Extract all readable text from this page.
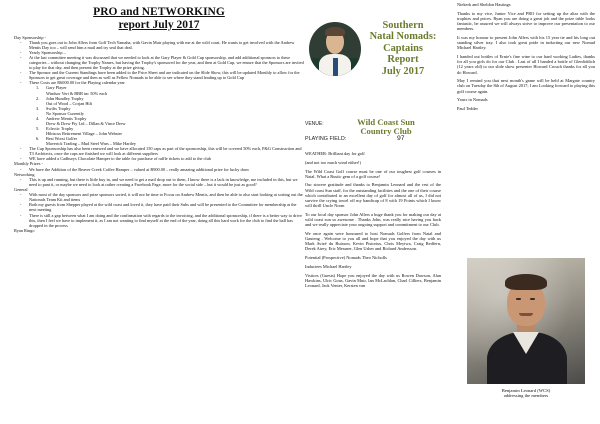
PRO and NETWORKING
report July 2017
Day Sponsorship -
- Thank you goes out to John Allers from Golf Tech Yamaha, with Gavin Muir playing with me at the wild coast. He wants to get involved with the Andrew Mentis Day too – will send him a mail and try seal that deal.
- Yearly Sponsorship –
- At the last committee meeting it was discussed that we needed to look at the Gary Player & Gold Cup sponsorship, and add additional sponsors to these categories – without changing the Trophy Names, but having the Trophy's sponsored for the year, and then at Gold Cup, we ensure that the Sponsors are invited to play for that day, and then present the Trophy at the prize giving.
- The Sponsor and the Current Standings have been added to the Price Sheet and are indicated on the Slide Show, this will be updated Monthly to allow for the Sponsors to get great coverage and then as well as Fellow Nomads to be able to see where they stand leading up to Gold Cup
- These Costs are R6000.00 for the Playing calendar year
1. Gary Player
Windsor Vert & BBB inc 50% each
2. John Hundley Trophy
Out of Wood – Corjan Hilt
3. Swifts Trophy
No Sponsor Currently
4. Andrew Mentis Trophy
Drew & Drew Pty Ltd – Dillan & Vince Drew
5. Eclectic Trophy
Hibiscus Retirement Village – John Webster
6. Best Worst Golfer
Maverick Trading – Mud Steel Wars – Mike Hartley
- The Cup Sponsorship has also been renewed and we have allocated 150 caps as part of the sponsorship, this will be covered 50% each, P&G Construction and T3 Architects, once the caps are finished we will look at different suppliers
- WE have added a Cadburys Chocolate Hamper to the table for purchase of raffle tickets to add to the club
Monthly Prizes -
- We have the Addition of the Beaver Creek Coffee Hamper – valued at R900.00 – really amazing additional prize for lucky draw
Networking
- This is up and running, but there is little buy in, and we need to get a mail drop out to them, I know there is a lack in knowledge, me included in this, but we need to pant it, or maybe we need to look at rather creating a Facebook Page, more for the social side – but it would be just as good?
General
- With most of the day sponsors and prize sponsors sorted, it will not be time to Focus on Andrew Mentis, and then be able to also start looking at sorting out the Nationals Team Kit and items
- Both my guests from Shepper played at the wild coast and loved it, they have paid their Subs and will be presented to the Committee for membership at the next meeting
- There is still a gap between what I am doing and the confirmation with regards to the invoicing, and the additional sponsorship, if there is a better way to drive this, then I feel we have to implement it, as I am not wanting to find myself at the end of the year, doing all this hard work for the club to find the ball has dropped in the process
Ryan Ringo
Southern
Natal Nomads:
Captains
Report
July 2017
VENUE:	Wild Coast Sun
Country Club
PLAYING FIELD:	97

WEATHER: Brilliant day for golf

(and not too much wind either!)

The Wild Coast Golf course must be one of our toughest golf courses in Natal. What a Rustic gem of a golf course!

Our sincere gratitude and thanks to Benjamin Leonard and the rest of the Wild coast Sun staff, for the outstanding facilities and the one of their course which contributed to an excellent day of golf for almost all of us, I did not survive the crying towel off my handicap of 8 with 19 Points which I know will thrill Uncle Norm

To our local day sponsor John Allers a huge thank you for making our day at wild coast sun so awesome . Thanks John, was really nice having you back and we really appreciate your ongoing support and commitment to our Club.

We once again were honoured to host Nomads Golfers from Natal and Gauteng . Welcome to you all and hope that you enjoyed the day with us Mark Avizé du Buisson, Kevin Pistorius, Chris Meyiwa, Craig Redfern, Derek Airey, Eric Messner, Glen Usher and Richard Andersson.

Potential (Prospective) Nomads Theo Nicholls

Inductees Michael Hartley

Visitors (Guests) Hope you enjoyed the day with us Rowen Dawson, Alan Hawkins, Ulric Gous, Gavin Muir, Ian McLachlan, Charl Cilliers, Benjamin Leonard, Jack Venter, Kersten van

Niekerk and Sheldon Hastings

Thanks to my vice, Junior Vice and PRO for setting up the altar with the trophies and prices. Ryan you are doing a great job and the prize table looks fantastic, be assured we will always strive to improve our presentation to our members.

It was my honour to present John Allers with his 15 year tie and his long out standing silver tray. I also took great pride in inducting our new Nomad Michael Hartley.

I handed out bottles of Ernie's fine wine to our hard working Ladies, thanks for all you girls do for our Club . Last of all I handed a bottle of Glenfiddich (12 years old) to our slide show presenter Howard Crouch thanks for all you do Howard.

May I remind you that next month's game will be held at Margate country club on Tuesday the 8th of August 2017; I am Looking forward to playing this golf course again.

Yours in Nomads

Paul Tedder

Benjamin Leonard (WCS)
addressing the members
